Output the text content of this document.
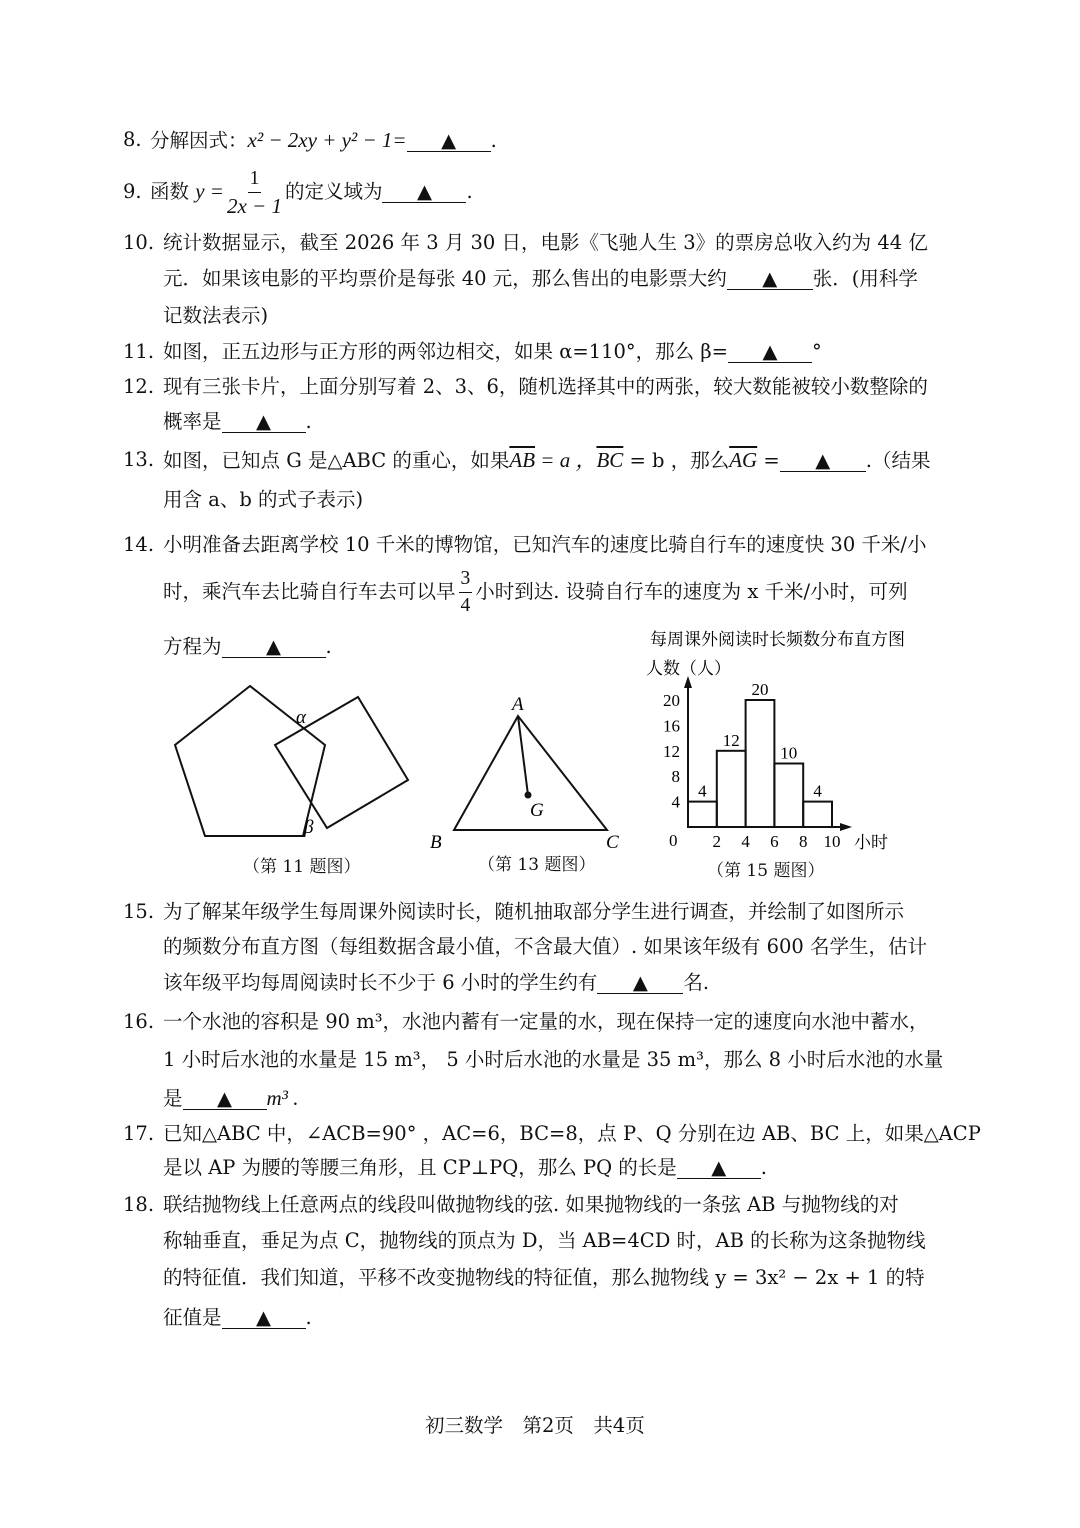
8. 分解因式：x² − 2xy + y² − 1= ▲ .
9. 函数 $y = \frac{1}{2x - 1}$ 的定义域为 ▲ .
10. 统计数据显示，截至 2026 年 3 月 30 日，电影《飞驰人生 3》的票房总收入约为 44 亿
元．如果该电影的平均票价是每张 40 元，那么售出的电影票大约 ▲ 张．(用科学
记数法表示)
11. 如图，正五边形与正方形的两邻边相交，如果 α=110°，那么 β= ▲ °
12. 现有三张卡片，上面分别写着 2、3、6，随机选择其中的两张，较大数能被较小数整除的
概率是 ▲ .
13. 如图，已知点 G 是△ABC 的重心，如果$\overline{AB} = a$ ，$\overline{BC} = b$ ，那么$\overline{AG}$ = ▲ .（结果
用含 a、b 的式子表示)
14. 小明准备去距离学校 10 千米的博物馆，已知汽车的速度比骑自行车的速度快 30 千米/小
时，乘汽车去比骑自行车去可以早 $\frac{3}{4}$ 小时到达. 设骑自行车的速度为 x 千米/小时，可列
方程为 ▲ .
α
β
A
B	C
G
4
12
20
10
4
4
8
12
16
20
2 4 6 8 10
每周课外阅读时长频数分布直方图
人数（人）
小时
0
（第 11 题图）	（第 13 题图）	（第 15 题图）
15. 为了解某年级学生每周课外阅读时长，随机抽取部分学生进行调查，并绘制了如图所示
的频数分布直方图（每组数据含最小值，不含最大值）. 如果该年级有 600 名学生，估计
该年级平均每周阅读时长不少于 6 小时的学生约有 ▲ 名.
16. 一个水池的容积是 90 m³，水池内蓄有一定量的水，现在保持一定的速度向水池中蓄水，
1 小时后水池的水量是 15 m³， 5 小时后水池的水量是 35 m³，那么 8 小时后水池的水量
是 ▲ m³ .
17. 已知△ABC 中，∠ACB=90° ，AC=6，BC=8，点 P、Q 分别在边 AB、BC 上，如果△ACP
是以 AP 为腰的等腰三角形，且 CP⊥PQ，那么 PQ 的长是 ▲ .
18. 联结抛物线上任意两点的线段叫做抛物线的弦. 如果抛物线的一条弦 AB 与抛物线的对
称轴垂直，垂足为点 C，抛物线的顶点为 D，当 AB=4CD 时，AB 的长称为这条抛物线
的特征值．我们知道，平移不改变抛物线的特征值，那么抛物线 y = 3x² − 2x + 1 的特
征值是 ▲ .
初三数学　第2页　共4页
